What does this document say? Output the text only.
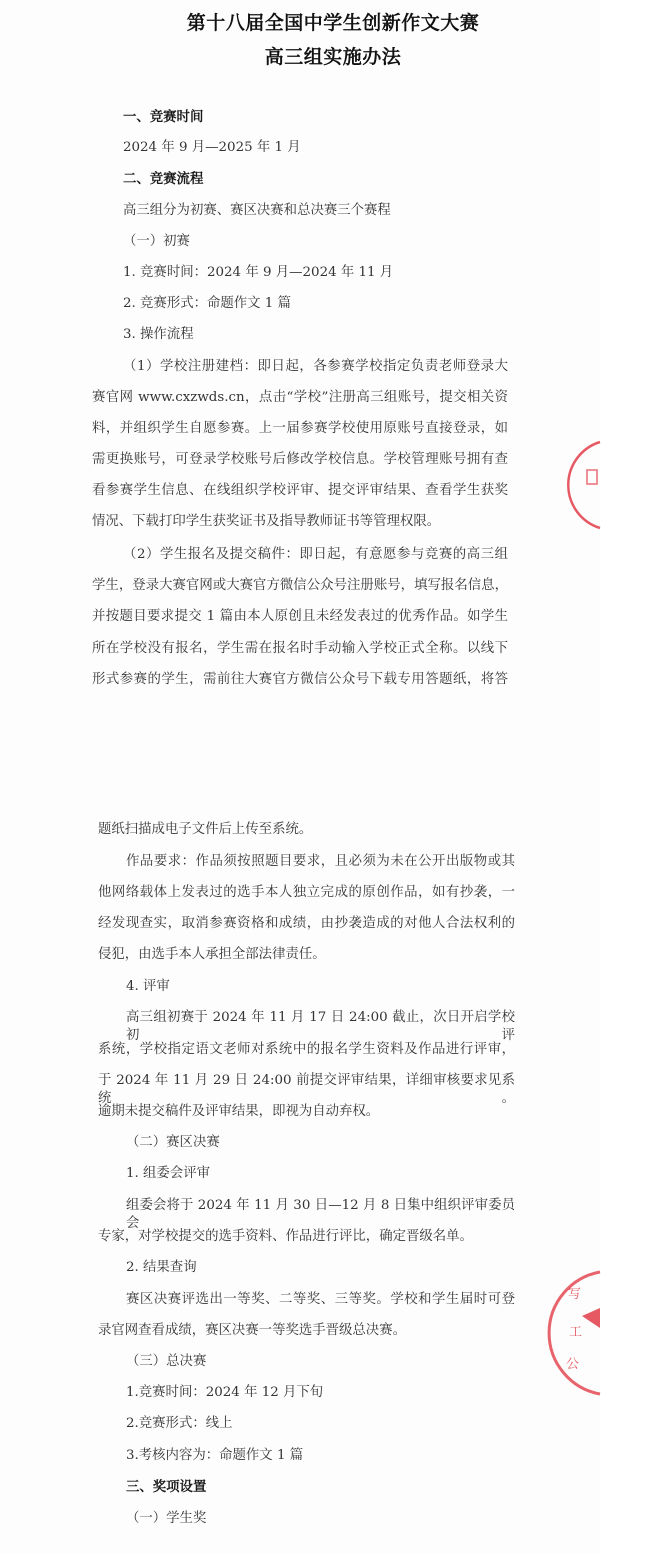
第十八届全国中学生创新作文大赛
高三组实施办法
一、竞赛时间
2024 年 9 月—2025 年 1 月
二、竞赛流程
高三组分为初赛、赛区决赛和总决赛三个赛程
（一）初赛
1. 竞赛时间：2024 年 9 月—2024 年 11 月
2. 竞赛形式：命题作文 1 篇
3. 操作流程
（1）学校注册建档：即日起，各参赛学校指定负责老师登录大
赛官网 www.cxzwds.cn，点击“学校”注册高三组账号，提交相关资
料，并组织学生自愿参赛。上一届参赛学校使用原账号直接登录，如
需更换账号，可登录学校账号后修改学校信息。学校管理账号拥有查
看参赛学生信息、在线组织学校评审、提交评审结果、查看学生获奖
情况、下载打印学生获奖证书及指导教师证书等管理权限。
（2）学生报名及提交稿件：即日起，有意愿参与竞赛的高三组
学生，登录大赛官网或大赛官方微信公众号注册账号，填写报名信息，
并按题目要求提交 1 篇由本人原创且未经发表过的优秀作品。如学生
所在学校没有报名，学生需在报名时手动输入学校正式全称。以线下
形式参赛的学生，需前往大赛官方微信公众号下载专用答题纸，将答
题纸扫描成电子文件后上传至系统。
作品要求：作品须按照题目要求，且必须为未在公开出版物或其
他网络载体上发表过的选手本人独立完成的原创作品，如有抄袭，一
经发现查实，取消参赛资格和成绩，由抄袭造成的对他人合法权利的
侵犯，由选手本人承担全部法律责任。
4. 评审
高三组初赛于 2024 年 11 月 17 日 24:00 截止，次日开启学校初评
系统，学校指定语文老师对系统中的报名学生资料及作品进行评审，
于 2024 年 11 月 29 日 24:00 前提交评审结果，详细审核要求见系统。
逾期未提交稿件及评审结果，即视为自动弃权。
（二）赛区决赛
1. 组委会评审
组委会将于 2024 年 11 月 30 日—12 月 8 日集中组织评审委员会
专家，对学校提交的选手资料、作品进行评比，确定晋级名单。
2. 结果查询
赛区决赛评选出一等奖、二等奖、三等奖。学校和学生届时可登
录官网查看成绩，赛区决赛一等奖选手晋级总决赛。
（三）总决赛
1.竞赛时间：2024 年 12 月下旬
2.竞赛形式：线上
3.考核内容为：命题作文 1 篇
三、奖项设置
（一）学生奖
写
工
公
